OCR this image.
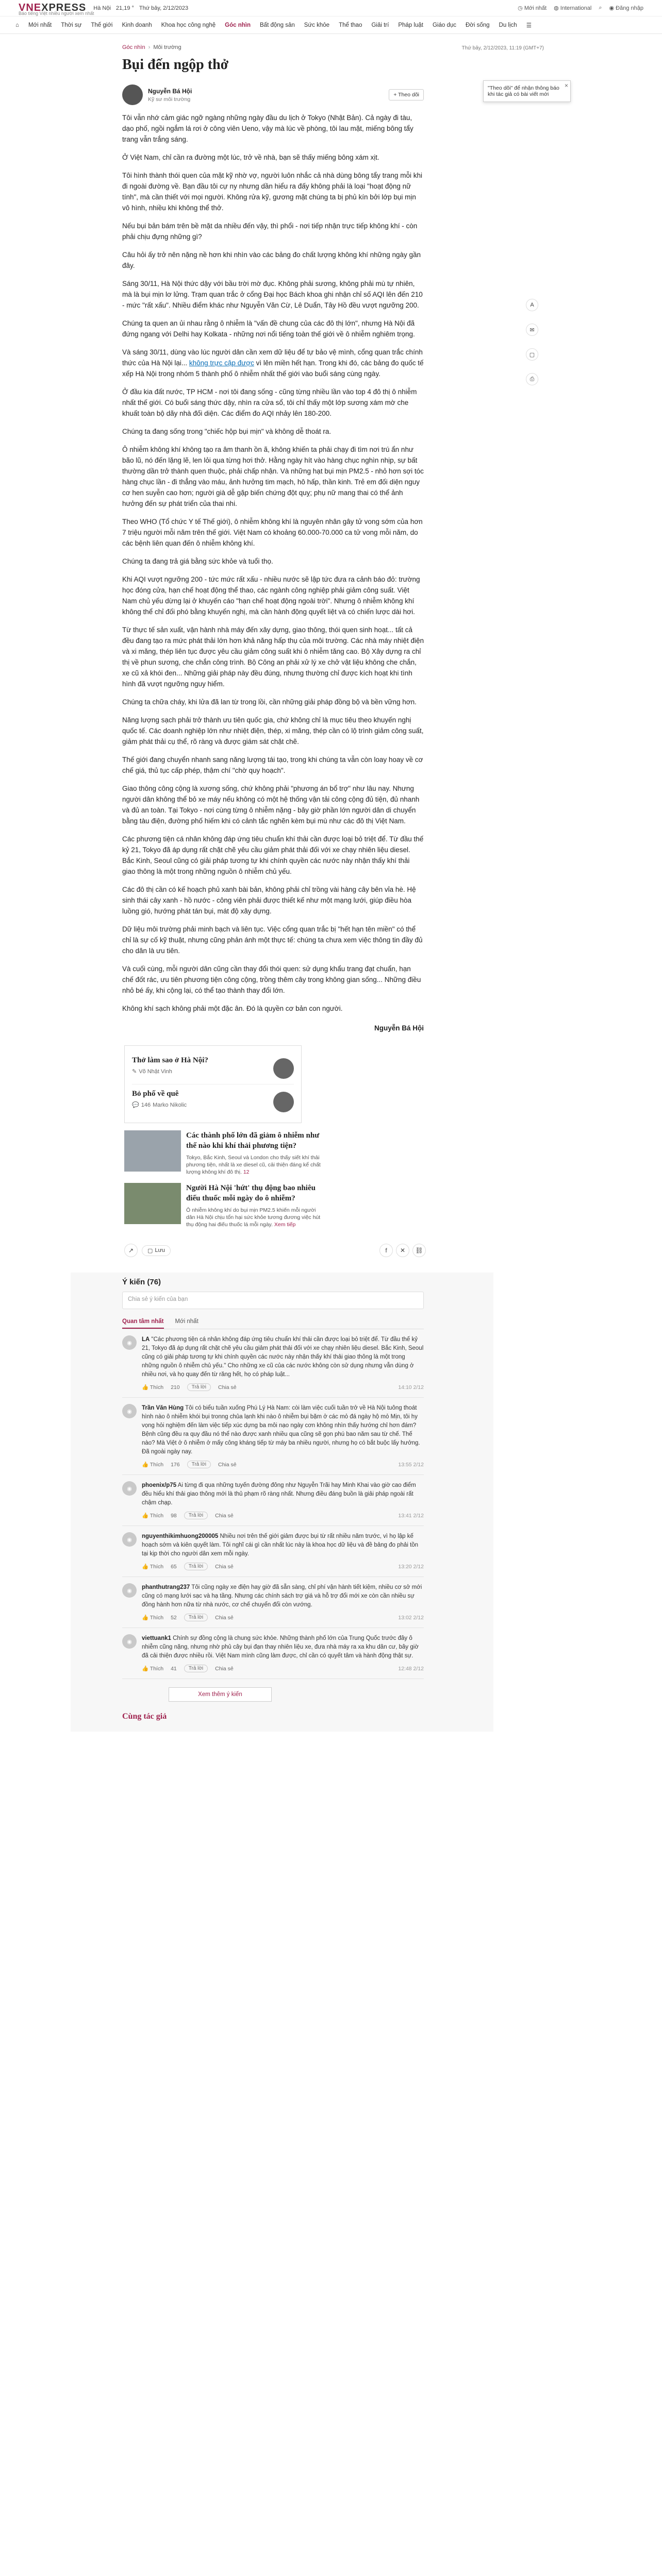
VNEXPRESS
Báo tiếng Việt nhiều người xem nhất
Hà Nội 21,19 ° Thứ bảy, 2/12/2023	◷ Mới nhất ◍ International ⌕ ◉ Đăng nhập
⌂ Mới nhất Thời sự Thế giới Kinh doanh Khoa học công nghệ Góc nhìn Bất động sản Sức khỏe Thể thao Giải trí Pháp luật Giáo dục Đời sống Du lịch ☰
Góc nhìn › Môi trường	Thứ bảy, 2/12/2023, 11:19 (GMT+7)
Bụi đến ngộp thở
Nguyễn Bá Hội
Kỹ sư môi trường
+ Theo dõi
×
"Theo dõi" để nhận thông báo khi tác giả có bài viết mới

Tôi vẫn nhớ cảm giác ngỡ ngàng những ngày đầu du lịch ở Tokyo (Nhật Bản). Cả ngày đi tàu, dạo phố, ngồi ngắm lá rơi ở công viên Ueno, vậy mà lúc về phòng, tôi lau mặt, miếng bông tẩy trang vẫn trắng sáng.

Ở Việt Nam, chỉ cần ra đường một lúc, trở về nhà, bạn sẽ thấy miếng bông xám xịt.

Tôi hình thành thói quen của mặt kỹ nhờ vợ, người luôn nhắc cả nhà dùng bông tẩy trang mỗi khi đi ngoài đường về. Bạn đầu tôi cự ny nhưng dần hiểu ra đấy không phải là loại "hoạt động nữ tính", mà cần thiết với mọi người. Không rửa kỹ, gương mặt chúng ta bị phủ kín bởi lớp bụi mịn vô hình, nhiều khi không thể thở.

Nếu bụi bản bám trên bề mặt da nhiều đến vậy, thì phổi - nơi tiếp nhận trực tiếp không khí - còn phải chịu đựng những gì?

Câu hỏi ấy trở nên nặng nề hơn khi nhìn vào các bảng đo chất lượng không khí những ngày gần đây.

Sáng 30/11, Hà Nội thức dậy với bầu trời mờ đục. Không phải sương, không phải mù tự nhiên, mà là bụi mịn lơ lửng. Trạm quan trắc ở cổng Đại học Bách khoa ghi nhận chỉ số AQI lên đến 210 - mức "rất xấu". Nhiều điểm khác như Nguyễn Văn Cừ, Lê Duẩn, Tây Hồ đều vượt ngưỡng 200.

Chúng ta quen an ủi nhau rằng ô nhiễm là "vấn đề chung của các đô thị lớn", nhưng Hà Nội đã đứng ngang với Delhi hay Kolkata - những nơi nổi tiếng toàn thế giới về ô nhiễm nghiêm trọng.

Và sáng 30/11, dùng vào lúc người dân cần xem dữ liệu để tự bảo vệ mình, cổng quan trắc chính thức của Hà Nội lại... không trực cập được vì lên miền hết hạn. Trong khi đó, các bảng đo quốc tế xếp Hà Nội trong nhóm 5 thành phố ô nhiễm nhất thế giới vào buổi sáng cùng ngày.

Ở đầu kia đất nước, TP HCM - nơi tôi đang sống - cũng từng nhiều lần vào top 4 đô thị ô nhiễm nhất thế giới. Có buổi sáng thức dậy, nhìn ra cửa sổ, tôi chỉ thấy một lớp sương xám mờ che khuất toàn bộ dãy nhà đối diện. Các điểm đo AQI nhảy lên 180-200.

Chúng ta đang sống trong "chiếc hộp bụi mịn" và không dễ thoát ra.

Ô nhiễm không khí không tạo ra âm thanh ồn ã, không khiến ta phải chạy đi tìm nơi trú ẩn như bão lũ, nó đến lặng lẽ, len lỏi qua từng hơi thở. Hằng ngày hít vào hàng chục nghìn nhịp, sự bất thường dần trở thành quen thuộc, phải chấp nhận. Và những hạt bụi mịn PM2.5 - nhỏ hơn sợi tóc hàng chục lần - đi thẳng vào máu, ảnh hưởng tim mạch, hô hấp, thần kinh. Trẻ em đối diện nguy cơ hen suyễn cao hơn; người già dễ gặp biến chứng đột quỵ; phụ nữ mang thai có thể ảnh hưởng đến sự phát triển của thai nhi.

Theo WHO (Tổ chức Y tế Thế giới), ô nhiễm không khí là nguyên nhân gây tử vong sớm của hơn 7 triệu người mỗi năm trên thế giới. Việt Nam có khoảng 60.000-70.000 ca tử vong mỗi năm, do các bệnh liên quan đến ô nhiễm không khí.

Chúng ta đang trả giá bằng sức khỏe và tuổi thọ.

Khi AQI vượt ngưỡng 200 - tức mức rất xấu - nhiều nước sẽ lập tức đưa ra cảnh báo đỏ: trường học đóng cửa, hạn chế hoạt động thể thao, các ngành công nghiệp phải giảm công suất. Việt Nam chủ yếu dừng lại ở khuyến cáo "hạn chế hoạt động ngoài trời". Nhưng ô nhiễm không khí không thể chỉ đối phó bằng khuyến nghị, mà cần hành động quyết liệt và có chiến lược dài hơi.

Từ thực tế sản xuất, vận hành nhà máy đến xây dựng, giao thông, thói quen sinh hoạt... tất cả đều đang tạo ra mức phát thải lớn hơn khả năng hấp thụ của môi trường. Các nhà máy nhiệt điện và xi măng, thép liên tục được yêu cầu giảm công suất khi ô nhiễm tăng cao. Bộ Xây dựng ra chỉ thị về phun sương, che chắn công trình. Bộ Công an phải xử lý xe chở vật liệu không che chắn, xe cũ xả khói đen... Những giải pháp này đều đúng, nhưng thường chỉ được kích hoạt khi tình hình đã vượt ngưỡng nguy hiểm.

Chúng ta chữa cháy, khi lửa đã lan từ trong lồi, cần những giải pháp đồng bộ và bền vững hơn.

Năng lượng sạch phải trở thành ưu tiên quốc gia, chứ không chỉ là mục tiêu theo khuyến nghị quốc tế. Các doanh nghiệp lớn như nhiệt điện, thép, xi măng, thép cần có lộ trình giảm công suất, giảm phát thải cụ thể, rõ ràng và được giám sát chặt chẽ.

Thế giới đang chuyển nhanh sang năng lượng tái tạo, trong khi chúng ta vẫn còn loay hoay về cơ chế giá, thủ tục cấp phép, thậm chí "chờ quy hoạch".

Giao thông công cộng là xương sống, chứ không phải "phương án bổ trợ" như lâu nay. Nhưng người dân không thể bỏ xe máy nếu không có một hệ thống vận tải công cộng đủ tiện, đủ nhanh và đủ an toàn. Tại Tokyo - nơi cùng từng ô nhiễm nặng - bây giờ phần lớn người dân di chuyển bằng tàu điện, đường phố hiếm khi có cảnh tắc nghẽn kèm bụi mù như các đô thị Việt Nam.

Các phương tiện cá nhân không đáp ứng tiêu chuẩn khí thải cần được loại bỏ triệt để. Từ đầu thế kỷ 21, Tokyo đã áp dụng rất chặt chẽ yêu cầu giảm phát thải đối với xe chạy nhiên liệu diesel. Bắc Kinh, Seoul cũng có giải pháp tương tự khi chính quyền các nước này nhận thấy khí thải giao thông là một trong những nguồn ô nhiễm chủ yếu.

Các đô thị cần có kế hoạch phủ xanh bài bản, không phải chỉ trồng vài hàng cây bên vỉa hè. Hệ sinh thái cây xanh - hồ nước - công viên phải được thiết kế như một mạng lưới, giúp điều hòa luồng gió, hướng phát tán bụi, mát độ xây dựng.

Dữ liệu môi trường phải minh bạch và liên tục. Việc cổng quan trắc bị "hết hạn tên miền" có thể chỉ là sự cố kỹ thuật, nhưng cũng phản ánh một thực tế: chúng ta chưa xem việc thông tin đầy đủ cho dân là ưu tiên.

Và cuối cùng, mỗi người dân cũng cần thay đổi thói quen: sử dụng khẩu trang đạt chuẩn, hạn chế đốt rác, ưu tiên phương tiện công cộng, trồng thêm cây trong không gian sống... Những điều nhỏ bé ấy, khi cộng lại, có thể tạo thành thay đổi lớn.

Không khí sạch không phải một đặc ân. Đó là quyền cơ bản con người.

Nguyễn Bá Hội
Thở làm sao ở Hà Nội?
✎ Võ Nhật Vinh
Bỏ phố về quê
💬 146 Marko Nikolic
Các thành phố lớn đã giảm ô nhiễm như thế nào khi khí thải phương tiện?
Tokyo, Bắc Kinh, Seoul và London cho thấy siết khí thải phương tiện, nhất là xe diesel cũ, cải thiện đáng kể chất lượng không khí đô thị. 12
Người Hà Nội 'hứt' thụ động bao nhiêu điếu thuốc mỗi ngày do ô nhiễm?
Ô nhiễm không khí do bụi mịn PM2.5 khiến mỗi người dân Hà Nội chịu tổn hại sức khỏe tương đương việc hút thụ động hai điếu thuốc lá mỗi ngày. Xem tiếp
↗	▢ Lưu	f	✕	⛓
Ý kiến (76)
Chia sẻ ý kiến của bạn
Quan tâm nhất Mới nhất
◉
LA "Các phương tiện cá nhân không đáp ứng tiêu chuẩn khí thải cần được loại bỏ triệt để. Từ đầu thế kỷ 21, Tokyo đã áp dụng rất chặt chẽ yêu cầu giảm phát thải đối với xe chạy nhiên liệu diesel. Bắc Kinh, Seoul cũng có giải pháp tương tự khi chính quyền các nước này nhận thấy khí thải giao thông là một trong những nguồn ô nhiễm chủ yếu." Cho những xe cũ của các nước không còn sử dụng nhưng vẫn dùng ở nhiều nơi, và họ quay đến từ răng hết, họ có pháp luật...
👍 Thích 210	Trả lời	Chia sẻ	14:10 2/12
◉
Trần Văn Hùng Tôi có biểu tuần xuống Phú Lý Hà Nam: còi làm việc cuối tuần trở về Hà Nội tuông thoát hình nào ô nhiễm khói bụi tronng chủa lạnh khi nào ô nhiễm bụi bặm ở các mỏ đá ngày hộ mỏ Mịn, tôi hy vọng hỏi nghiệm đến làm việc tiếp xúc dựng ba môi nạo ngày cơn không nhìn thấy hướng chỉ hơn đám? Bệnh cũng đều ra quy đầu nó thể nào được xanh nhiều qua cũng sẽ gọn phú bao năm sau từ chế. Thế nào? Mà Việt ở ô nhiễm ở mấy công kháng tiếp từ máy ba nhiều người, nhưng họ có bắt buộc lấy hưởng. Đã ngoài ngày nay.
👍 Thích 176	Trả lời	Chia sẻ	13:55 2/12
◉
phoenix/p75 Ai từng đi qua những tuyến đường đông như Nguyễn Trãi hay Minh Khai vào giờ cao điểm đều hiểu khí thải giao thông mới là thủ phạm rõ ràng nhất. Nhưng điều đáng buồn là giải pháp ngoài rất chậm chạp.
👍 Thích 98	Trả lời	Chia sẻ	13:41 2/12
◉
nguyenthikimhuong200005 Nhiều nơi trên thế giới giảm được bụi từ rất nhiều năm trước, vì họ lập kế hoạch sớm và kiên quyết làm. Tôi nghĩ cái gì cần nhất lúc này là khoa học dữ liệu và đề bảng đo phải tồn tại kịp thời cho người dân xem mỗi ngày.
👍 Thích 65	Trả lời	Chia sẻ	13:20 2/12
◉
phanthutrang237 Tôi cũng ngày xe điện hay giờ đã sẵn sàng, chỉ phí vận hành tiết kiệm, nhiều cơ sở mới cũng có mạng lưới sạc và hạ tầng. Nhưng các chính sách trợ giá và hỗ trợ đổi mới xe còn cần nhiều sự đồng hành hơn nữa từ nhà nước, cơ chế chuyển đổi còn vướng.
👍 Thích 52	Trả lời	Chia sẻ	13:02 2/12
◉
viettuank1 Chính sự đồng cộng là chung sức khỏe. Những thành phố lớn của Trung Quốc trước đây ô nhiễm cũng nặng, nhưng nhờ phủ cây bụi đạn thay nhiên liệu xe, đưa nhà máy ra xa khu dân cư, bây giờ đã cải thiện được nhiều rồi. Việt Nam mình cũng làm được, chỉ cần có quyết tâm và hành động thật sự.
👍 Thích 41	Trả lời	Chia sẻ	12:48 2/12
Xem thêm ý kiến
Cùng tác giả
A
✉
▢
⎙
